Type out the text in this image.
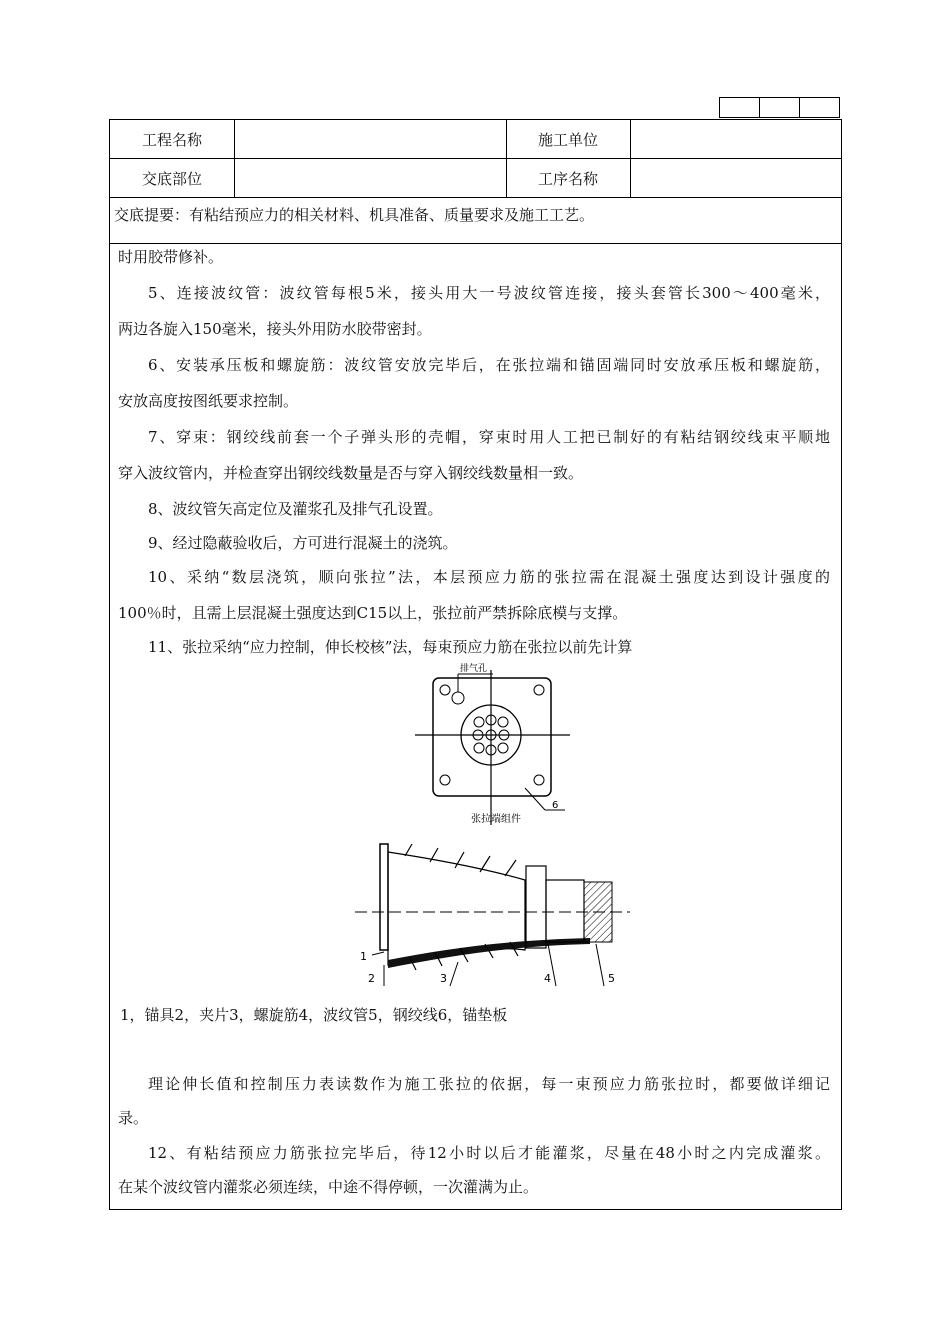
工程名称	施工单位
交底部位	工序名称
交底提要：有粘结预应力的相关材料、机具准备、质量要求及施工工艺。
时用胶带修补。
5、连接波纹管：波纹管每根5米，接头用大一号波纹管连接，接头套管长300～400毫米，
两边各旋入150毫米，接头外用防水胶带密封。
6、安装承压板和螺旋筋：波纹管安放完毕后，在张拉端和锚固端同时安放承压板和螺旋筋，
安放高度按图纸要求控制。
7、穿束：钢绞线前套一个子弹头形的壳帽，穿束时用人工把已制好的有粘结钢绞线束平顺地
穿入波纹管内，并检查穿出钢绞线数量是否与穿入钢绞线数量相一致。
8、波纹管矢高定位及灌浆孔及排气孔设置。
9、经过隐蔽验收后，方可进行混凝土的浇筑。
10、采纳“数层浇筑，顺向张拉”法，本层预应力筋的张拉需在混凝土强度达到设计强度的
100％时，且需上层混凝土强度达到C15以上，张拉前严禁拆除底模与支撑。
11、张拉采纳“应力控制，伸长校核”法，每束预应力筋在张拉以前先计算
排气孔
6
张拉端组件
1
2	3	4	5
1，锚具2，夹片3，螺旋筋4，波纹管5，钢绞线6，锚垫板
理论伸长值和控制压力表读数作为施工张拉的依据，每一束预应力筋张拉时，都要做详细记
录。
12、有粘结预应力筋张拉完毕后，待12小时以后才能灌浆，尽量在48小时之内完成灌浆。
在某个波纹管内灌浆必须连续，中途不得停顿，一次灌满为止。
